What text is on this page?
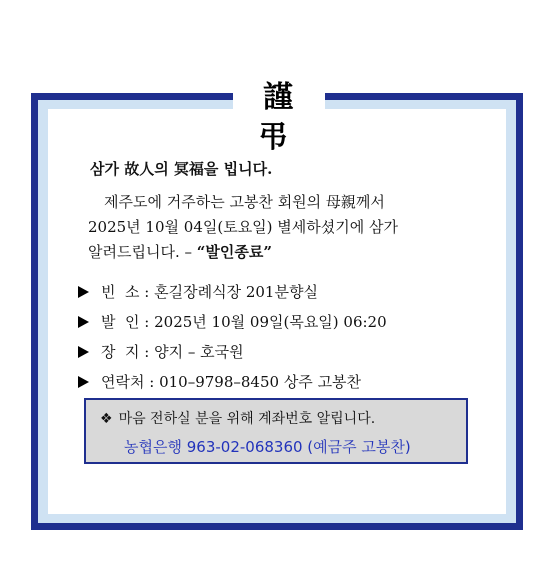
謹 弔
삼가 故人의 冥福을 빕니다.
제주도에 거주하는 고봉찬 회원의 母親께서
2025년 10월 04일(토요일) 별세하셨기에 삼가
알려드립니다. – “발인종료”
빈  소 : 혼길장례식장 201분향실
발  인 : 2025년 10월 09일(목요일) 06:20
장  지 : 양지 – 호국원
연락처 : 010–9798–8450 상주 고봉찬
❖ 마음 전하실 분을 위해 계좌번호 알립니다.
농협은행 963-02-068360 (예금주 고봉찬)
